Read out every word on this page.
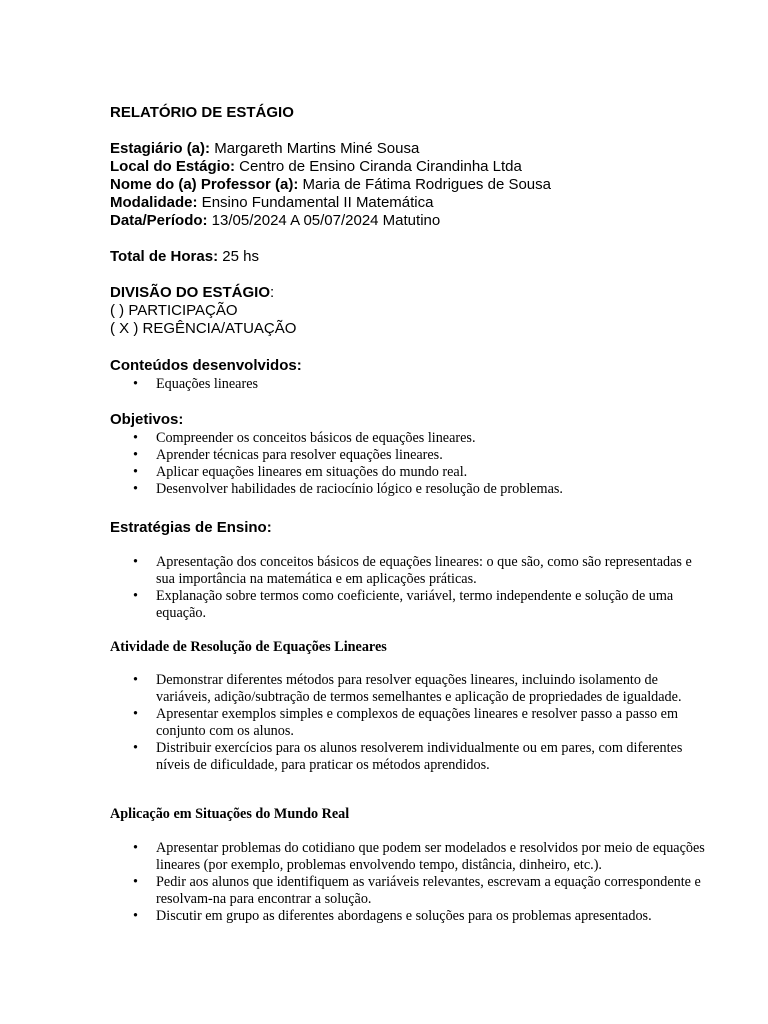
RELATÓRIO DE ESTÁGIO
Estagiário (a): Margareth Martins Miné Sousa
Local do Estágio: Centro de Ensino Ciranda Cirandinha Ltda
Nome do (a) Professor (a): Maria de Fátima Rodrigues de Sousa
Modalidade: Ensino Fundamental II Matemática
Data/Período: 13/05/2024 A 05/07/2024 Matutino
Total de Horas: 25 hs
DIVISÃO DO ESTÁGIO:
( ) PARTICIPAÇÃO
( X ) REGÊNCIA/ATUAÇÃO
Conteúdos desenvolvidos:
• Equações lineares
Objetivos:
• Compreender os conceitos básicos de equações lineares.
• Aprender técnicas para resolver equações lineares.
• Aplicar equações lineares em situações do mundo real.
• Desenvolver habilidades de raciocínio lógico e resolução de problemas.
Estratégias de Ensino:
• Apresentação dos conceitos básicos de equações lineares: o que são, como são representadas e sua importância na matemática e em aplicações práticas.
• Explanação sobre termos como coeficiente, variável, termo independente e solução de uma equação.
Atividade de Resolução de Equações Lineares
• Demonstrar diferentes métodos para resolver equações lineares, incluindo isolamento de variáveis, adição/subtração de termos semelhantes e aplicação de propriedades de igualdade.
• Apresentar exemplos simples e complexos de equações lineares e resolver passo a passo em conjunto com os alunos.
• Distribuir exercícios para os alunos resolverem individualmente ou em pares, com diferentes níveis de dificuldade, para praticar os métodos aprendidos.
Aplicação em Situações do Mundo Real
• Apresentar problemas do cotidiano que podem ser modelados e resolvidos por meio de equações lineares (por exemplo, problemas envolvendo tempo, distância, dinheiro, etc.).
• Pedir aos alunos que identifiquem as variáveis relevantes, escrevam a equação correspondente e resolvam-na para encontrar a solução.
• Discutir em grupo as diferentes abordagens e soluções para os problemas apresentados.
